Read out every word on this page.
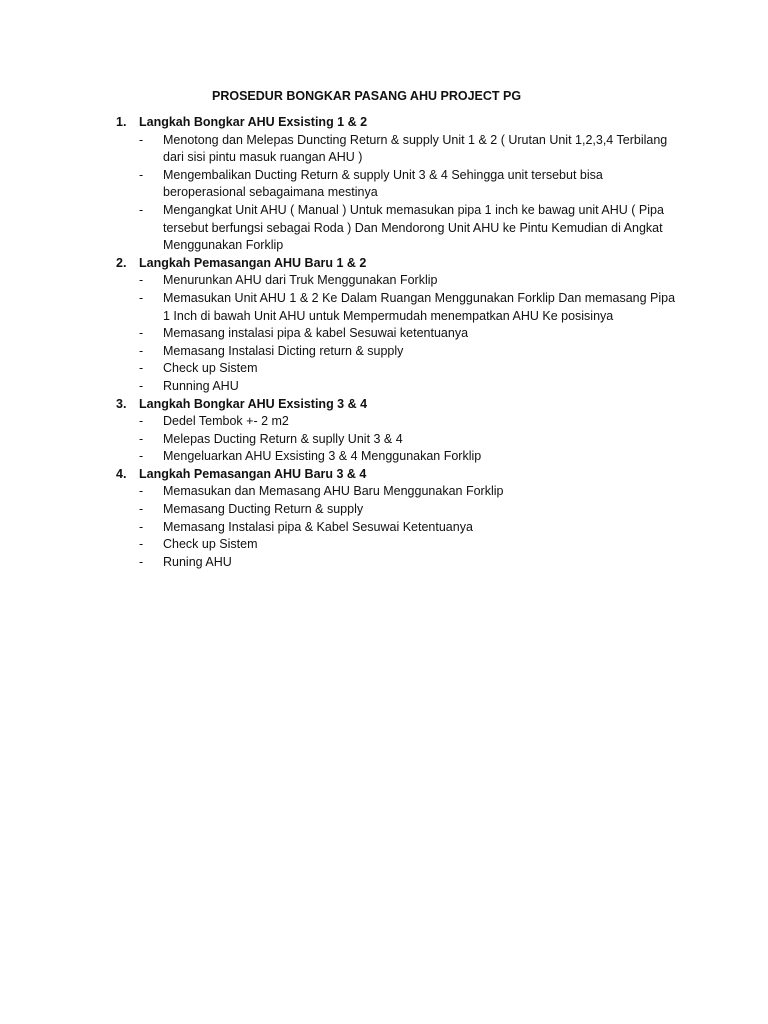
PROSEDUR BONGKAR PASANG AHU PROJECT PG
1.	Langkah Bongkar AHU Exsisting 1 & 2
-	Menotong dan Melepas Duncting Return & supply Unit 1 & 2 ( Urutan Unit 1,2,3,4 Terbilang dari sisi pintu masuk ruangan AHU )
-	Mengembalikan Ducting Return & supply Unit 3 & 4 Sehingga unit tersebut bisa beroperasional sebagaimana mestinya
-	Mengangkat Unit AHU ( Manual ) Untuk memasukan pipa 1 inch ke bawag unit AHU ( Pipa tersebut berfungsi sebagai Roda ) Dan Mendorong Unit AHU ke Pintu Kemudian di Angkat Menggunakan Forklip
2.	Langkah Pemasangan AHU Baru 1 & 2
-	Menurunkan AHU dari Truk Menggunakan Forklip
-	Memasukan Unit AHU 1 & 2 Ke Dalam Ruangan Menggunakan Forklip Dan memasang Pipa 1 Inch di bawah Unit AHU untuk Mempermudah menempatkan AHU Ke posisinya
-	Memasang instalasi pipa & kabel Sesuwai ketentuanya
-	Memasang Instalasi Dicting return & supply
-	Check up Sistem
-	Running AHU
3.	Langkah Bongkar AHU Exsisting 3 & 4
-	Dedel Tembok +- 2 m2
-	Melepas Ducting Return & suplly Unit 3 & 4
-	Mengeluarkan AHU Exsisting 3 & 4 Menggunakan Forklip
4.	Langkah Pemasangan AHU Baru 3 & 4
-	Memasukan dan Memasang AHU Baru Menggunakan Forklip
-	Memasang Ducting Return & supply
-	Memasang Instalasi pipa & Kabel Sesuwai Ketentuanya
-	Check up Sistem
-	Runing AHU
